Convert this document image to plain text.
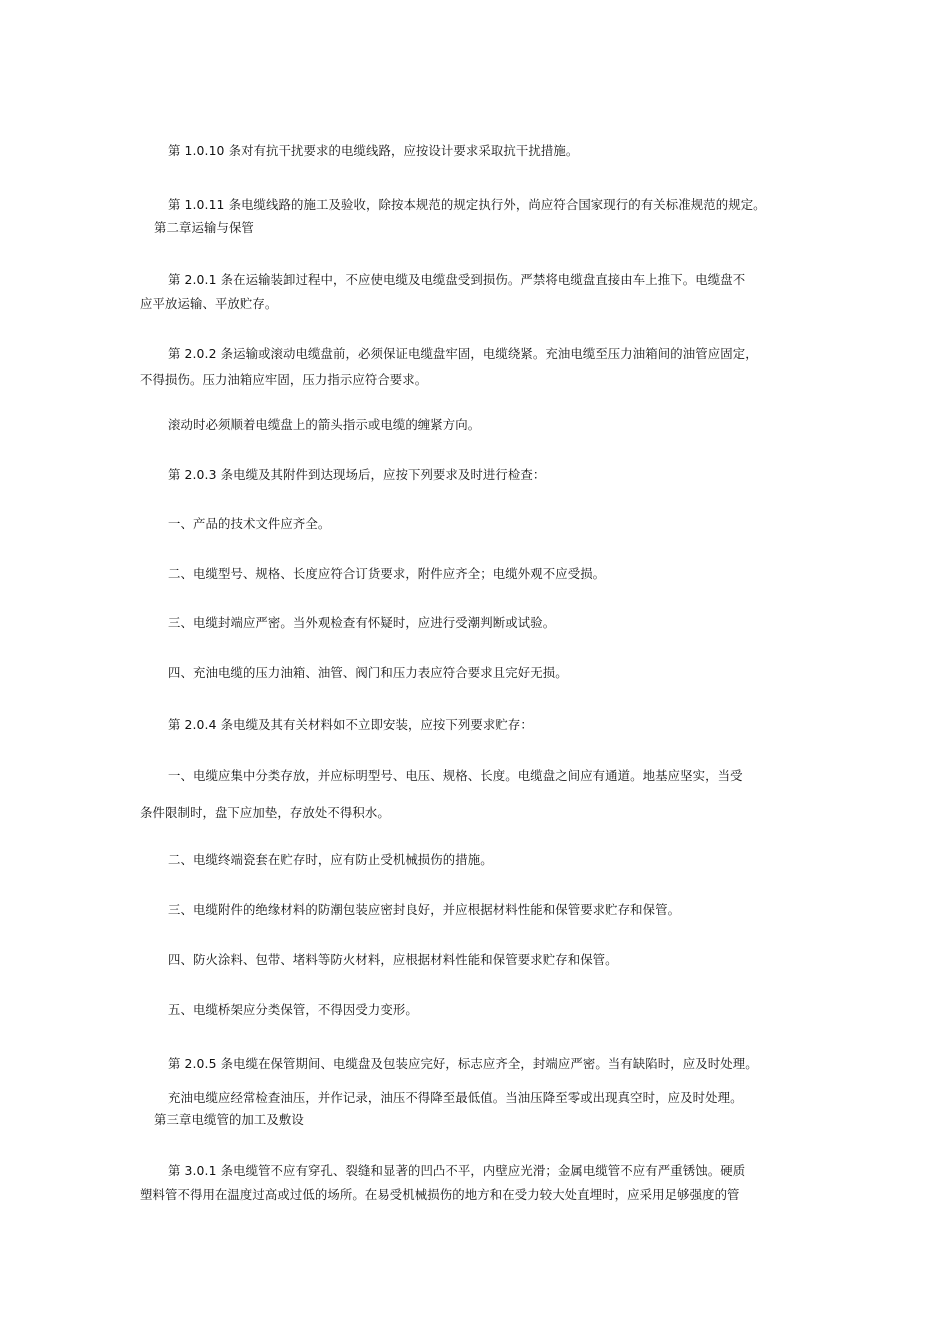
第 1.0.10 条对有抗干扰要求的电缆线路，应按设计要求采取抗干扰措施。
第 1.0.11 条电缆线路的施工及验收，除按本规范的规定执行外，尚应符合国家现行的有关标准规范的规定。
第二章运输与保管
第 2.0.1 条在运输装卸过程中，不应使电缆及电缆盘受到损伤。严禁将电缆盘直接由车上推下。电缆盘不
应平放运输、平放贮存。
第 2.0.2 条运输或滚动电缆盘前，必须保证电缆盘牢固，电缆绕紧。充油电缆至压力油箱间的油管应固定，
不得损伤。压力油箱应牢固，压力指示应符合要求。
滚动时必须顺着电缆盘上的箭头指示或电缆的缠紧方向。
第 2.0.3 条电缆及其附件到达现场后，应按下列要求及时进行检查：
一、产品的技术文件应齐全。
二、电缆型号、规格、长度应符合订货要求，附件应齐全；电缆外观不应受损。
三、电缆封端应严密。当外观检查有怀疑时，应进行受潮判断或试验。
四、充油电缆的压力油箱、油管、阀门和压力表应符合要求且完好无损。
第 2.0.4 条电缆及其有关材料如不立即安装，应按下列要求贮存：
一、电缆应集中分类存放，并应标明型号、电压、规格、长度。电缆盘之间应有通道。地基应坚实，当受
条件限制时，盘下应加垫，存放处不得积水。
二、电缆终端瓷套在贮存时，应有防止受机械损伤的措施。
三、电缆附件的绝缘材料的防潮包装应密封良好，并应根据材料性能和保管要求贮存和保管。
四、防火涂料、包带、堵料等防火材料，应根据材料性能和保管要求贮存和保管。
五、电缆桥架应分类保管，不得因受力变形。
第 2.0.5 条电缆在保管期间、电缆盘及包装应完好，标志应齐全，封端应严密。当有缺陷时，应及时处理。
充油电缆应经常检查油压，并作记录，油压不得降至最低值。当油压降至零或出现真空时，应及时处理。
第三章电缆管的加工及敷设
第 3.0.1 条电缆管不应有穿孔、裂缝和显著的凹凸不平，内壁应光滑；金属电缆管不应有严重锈蚀。硬质
塑料管不得用在温度过高或过低的场所。在易受机械损伤的地方和在受力较大处直埋时，应采用足够强度的管
